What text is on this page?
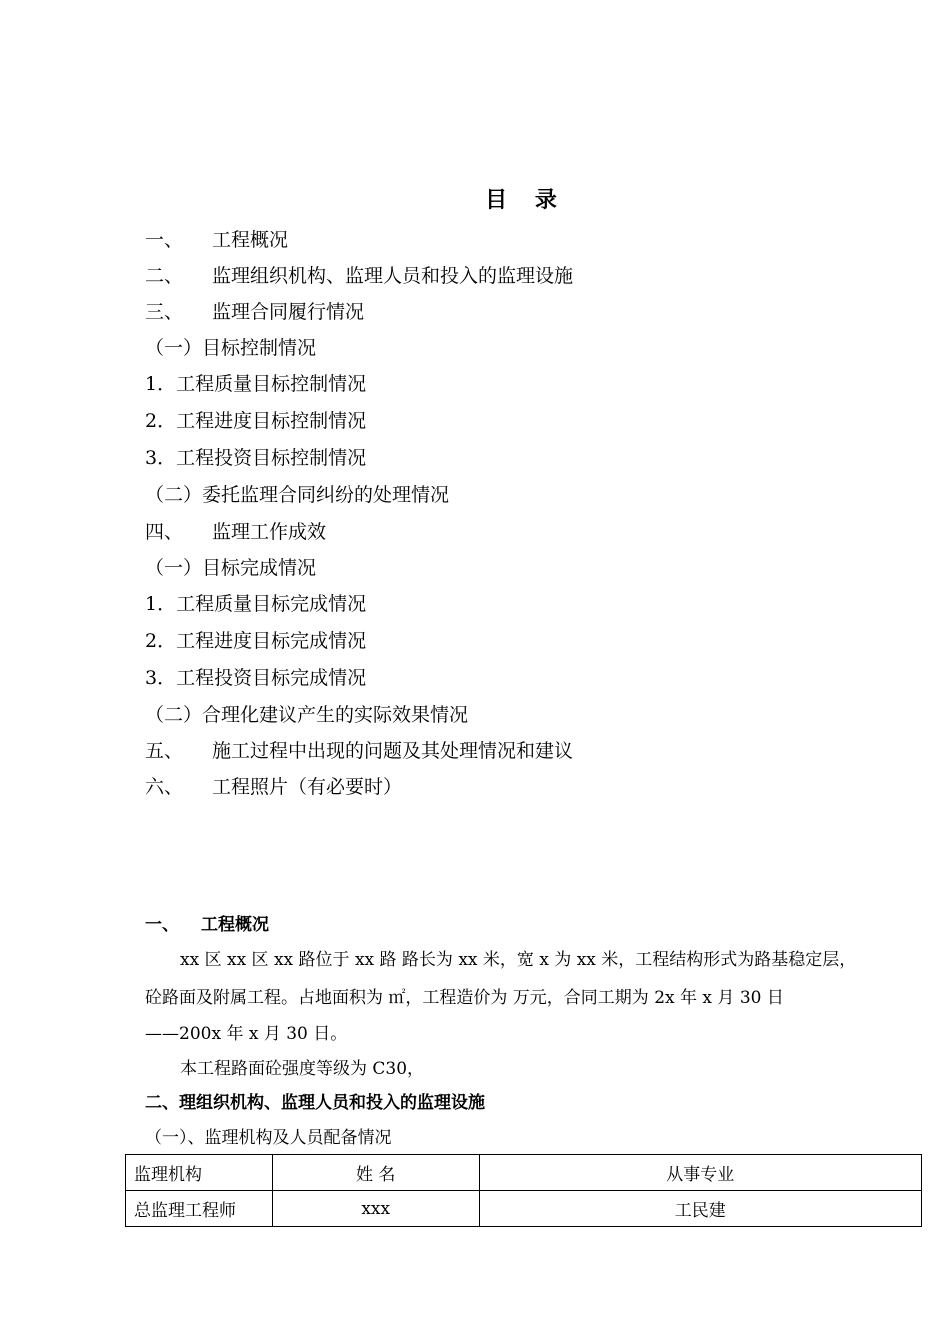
目 录
一、 工程概况
二、 监理组织机构、监理人员和投入的监理设施
三、 监理合同履行情况
（一）目标控制情况
1．工程质量目标控制情况
2．工程进度目标控制情况
3．工程投资目标控制情况
（二）委托监理合同纠纷的处理情况
四、 监理工作成效
（一）目标完成情况
1．工程质量目标完成情况
2．工程进度目标完成情况
3．工程投资目标完成情况
（二）合理化建议产生的实际效果情况
五、 施工过程中出现的问题及其处理情况和建议
六、 工程照片（有必要时）
一、 工程概况
xx 区 xx 区 xx 路位于 xx 路 路长为 xx 米，宽 x 为 xx 米，工程结构形式为路基稳定层，
砼路面及附属工程。占地面积为 ㎡，工程造价为 万元，合同工期为 2x 年 x 月 30 日
——200x 年 x 月 30 日。
本工程路面砼强度等级为 C30，
二、理组织机构、监理人员和投入的监理设施
（一）、监理机构及人员配备情况
监理机构	姓 名	从事专业
总监理工程师	xxx	工民建
